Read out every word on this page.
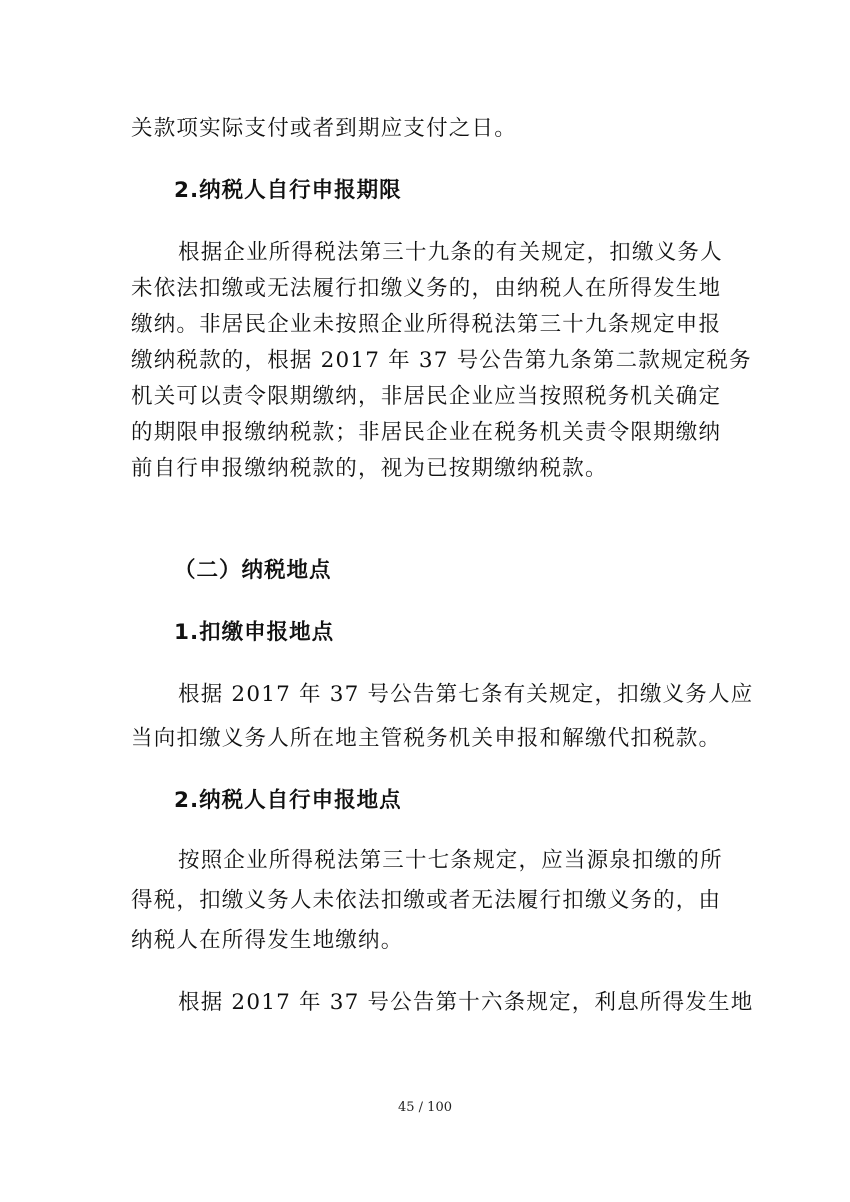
关款项实际支付或者到期应支付之日。
2.纳税人自行申报期限
根据企业所得税法第三十九条的有关规定，扣缴义务人
未依法扣缴或无法履行扣缴义务的，由纳税人在所得发生地
缴纳。非居民企业未按照企业所得税法第三十九条规定申报
缴纳税款的，根据 2017 年 37 号公告第九条第二款规定税务
机关可以责令限期缴纳，非居民企业应当按照税务机关确定
的期限申报缴纳税款；非居民企业在税务机关责令限期缴纳
前自行申报缴纳税款的，视为已按期缴纳税款。
（二）纳税地点
1.扣缴申报地点
根据 2017 年 37 号公告第七条有关规定，扣缴义务人应
当向扣缴义务人所在地主管税务机关申报和解缴代扣税款。
2.纳税人自行申报地点
按照企业所得税法第三十七条规定，应当源泉扣缴的所
得税，扣缴义务人未依法扣缴或者无法履行扣缴义务的，由
纳税人在所得发生地缴纳。
根据 2017 年 37 号公告第十六条规定，利息所得发生地
45 / 100
